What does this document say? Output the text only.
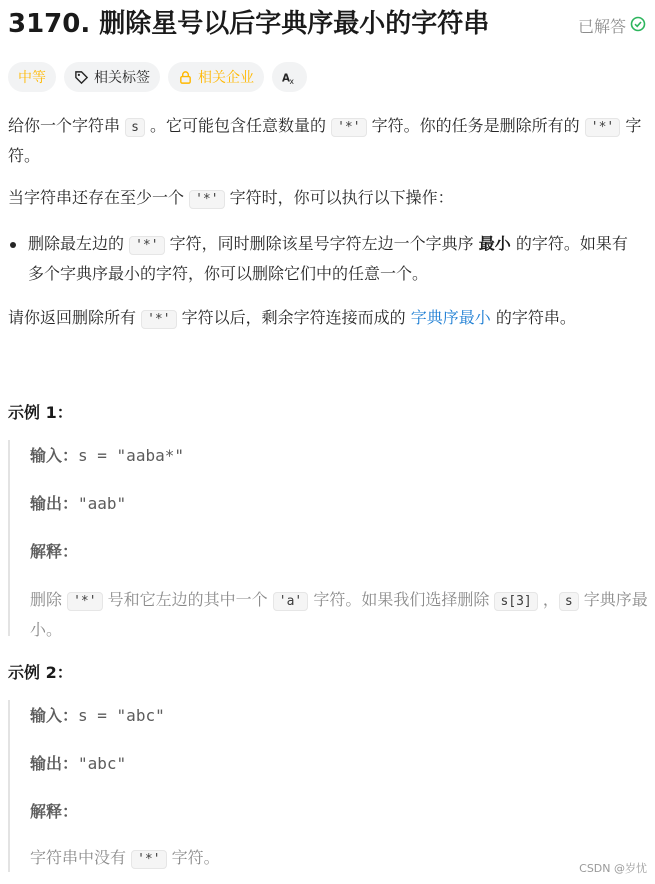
3170. 删除星号以后字典序最小的字符串	已解答
中等	相关标签	相关企业	A x

给你一个字符串 s 。它可能包含任意数量的 '*' 字符。你的任务是删除所有的 '*' 字符。

当字符串还存在至少一个 '*' 字符时，你可以执行以下操作：

删除最左边的 '*' 字符，同时删除该星号字符左边一个字典序 最小 的字符。如果有多个字典序最小的字符，你可以删除它们中的任意一个。

请你返回删除所有 '*' 字符以后，剩余字符连接而成的 字典序最小 的字符串。

示例 1：

输入：s = "aaba*"

输出："aab"

解释：

删除 '*' 号和它左边的其中一个 'a' 字符。如果我们选择删除 s[3] ， s 字典序最小。

示例 2：

输入：s = "abc"

输出："abc"

解释：

字符串中没有 '*' 字符。

CSDN @岁忧
